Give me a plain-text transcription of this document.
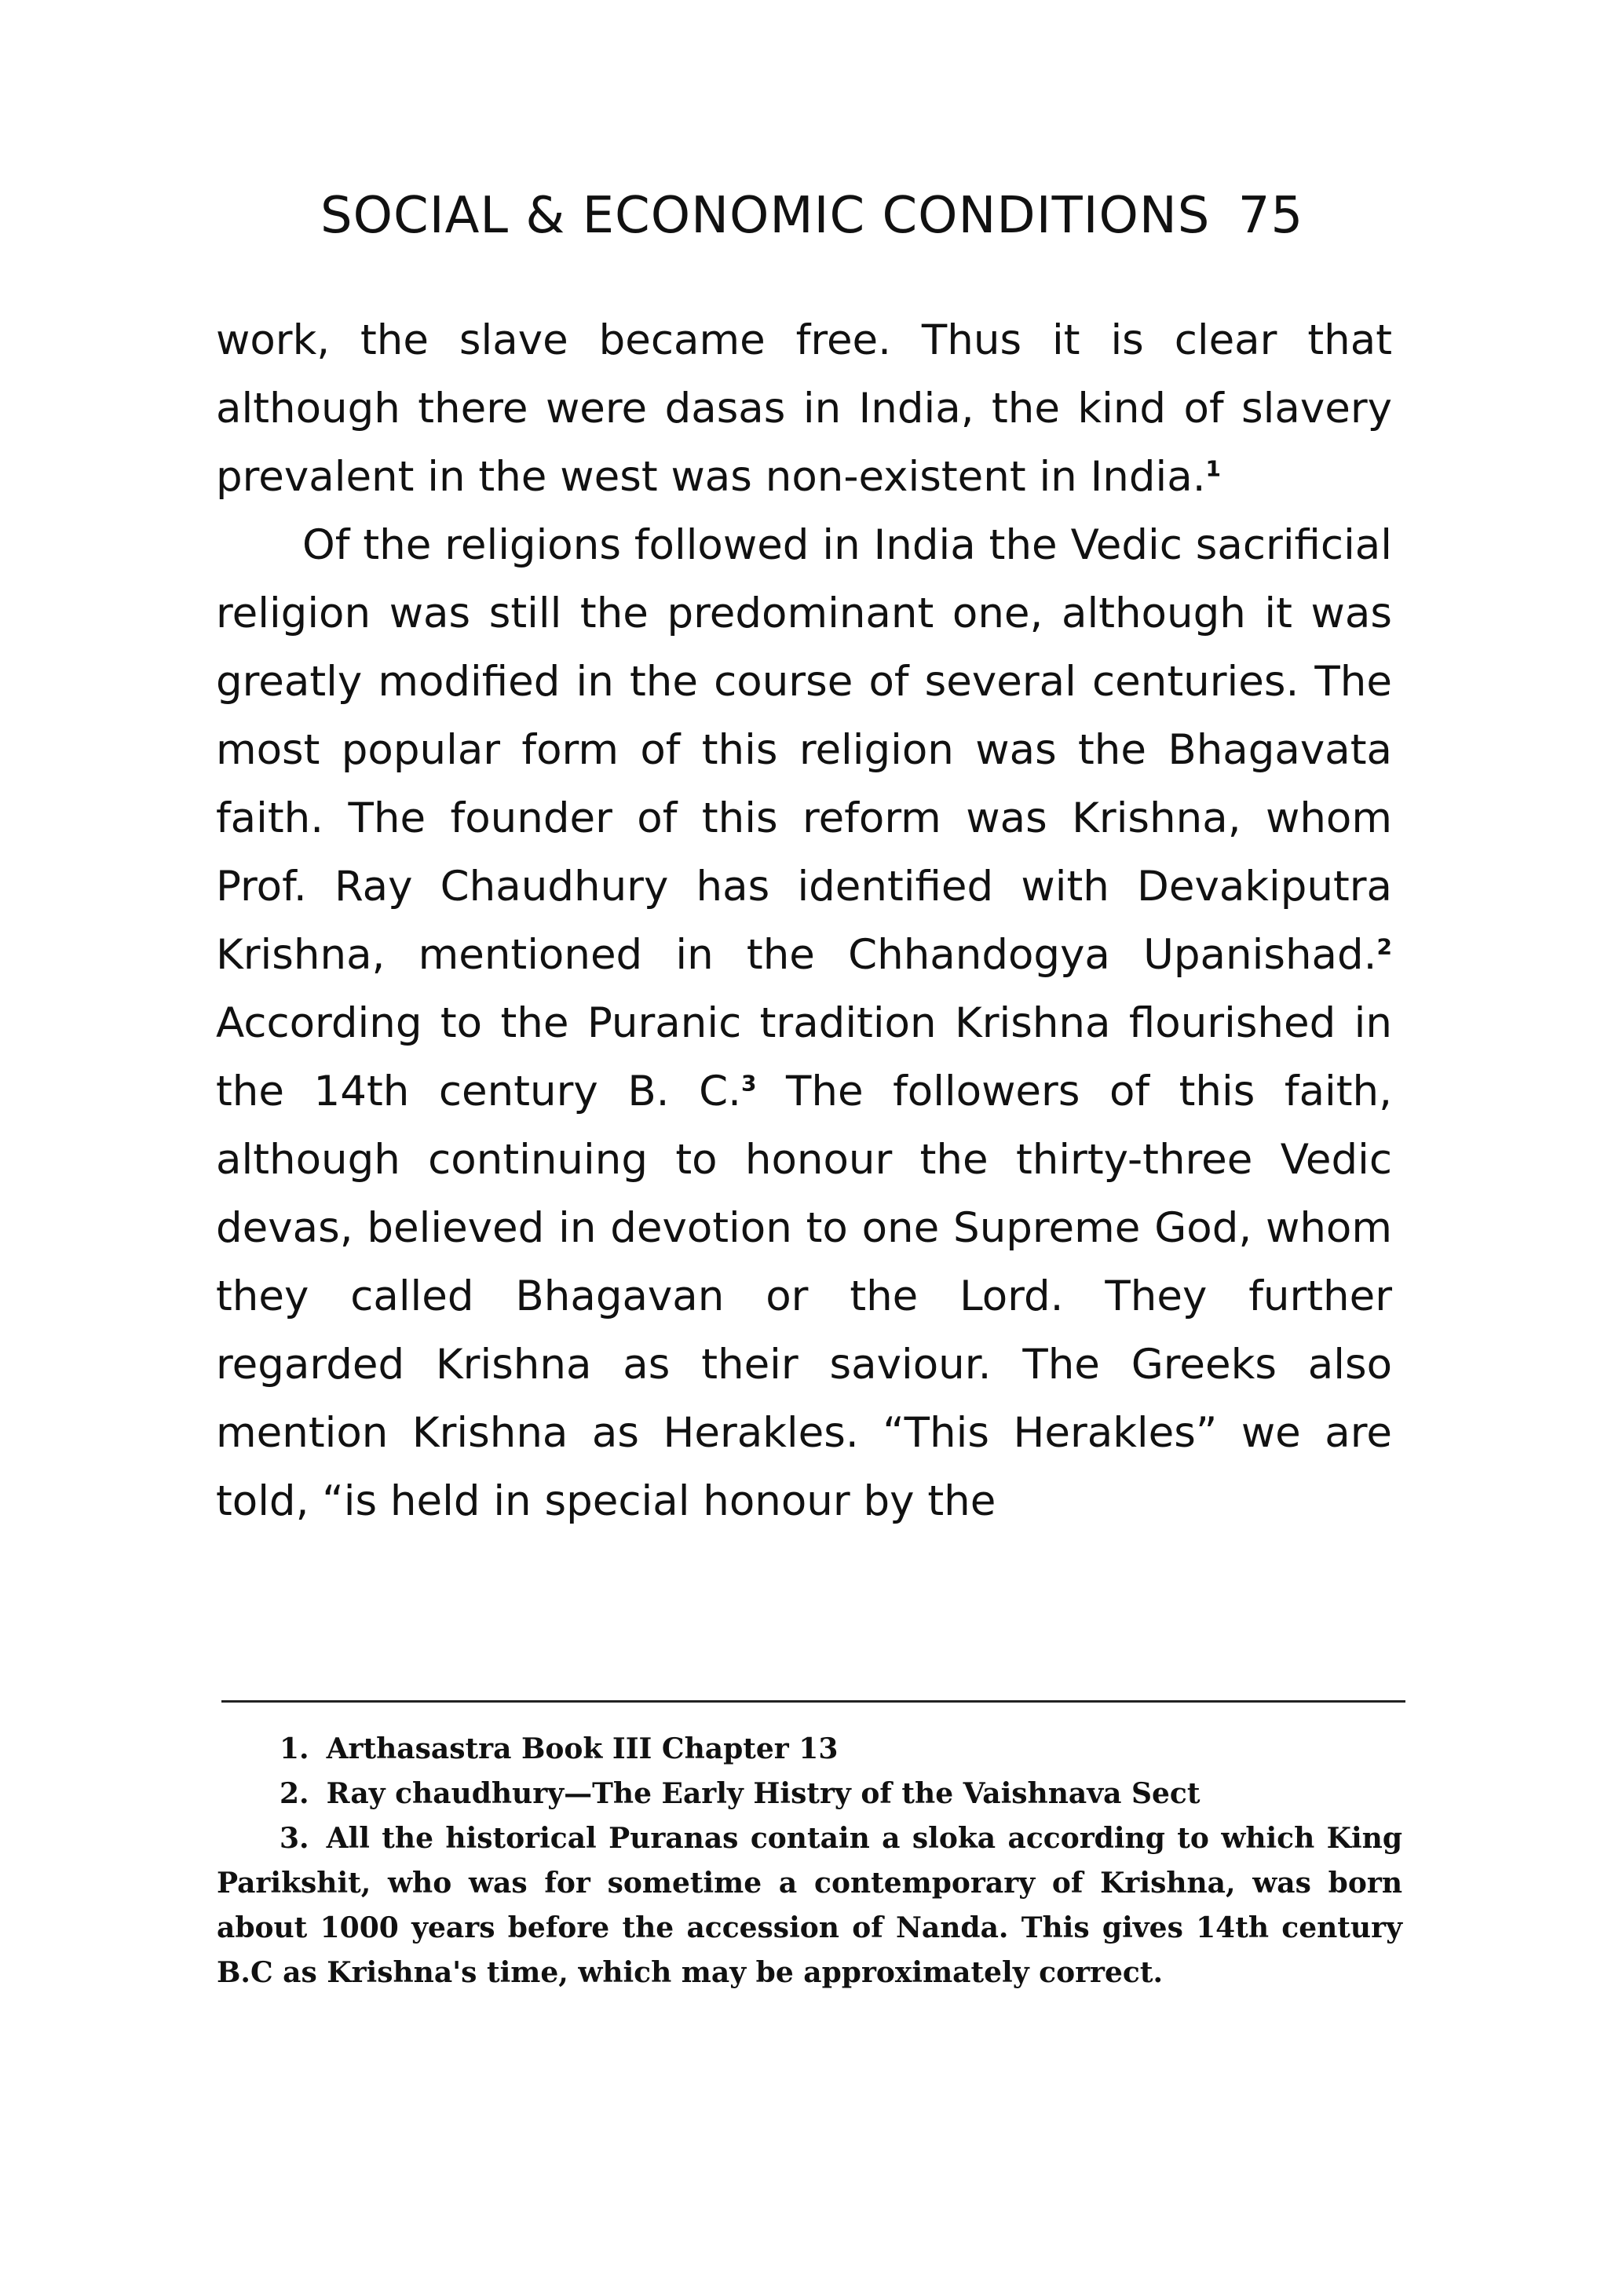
SOCIAL & ECONOMIC CONDITIONS 75

work, the slave became free. Thus it is clear that although there were dasas in India, the kind of slavery prevalent in the west was non-existent in India.$^1$

Of the religions followed in India the Vedic sacrificial religion was still the predominant one, although it was greatly modified in the course of several centuries. The most popular form of this religion was the Bhagavata faith. The founder of this reform was Krishna, whom Prof. Ray Chaudhury has identified with Devakiputra Krishna, mentioned in the Chhandogya Upanishad.$^2$ According to the Puranic tradition Krishna flourished in the 14th century B. C.$^3$ The followers of this faith, although continuing to honour the thirty-three Vedic devas, believed in devotion to one Supreme God, whom they called Bhagavan or the Lord. They further regarded Krishna as their saviour. The Greeks also mention Krishna as Herakles. “This Herakles” we are told, “is held in special honour by the

1. Arthasastra Book III Chapter 13
2. Ray chaudhury—The Early Histry of the Vaishnava Sect
3. All the historical Puranas contain a sloka according to which King Parikshit, who was for sometime a contemporary of Krishna, was born about 1000 years before the accession of Nanda. This gives 14th century B.C as Krishna's time, which may be approximately correct.
